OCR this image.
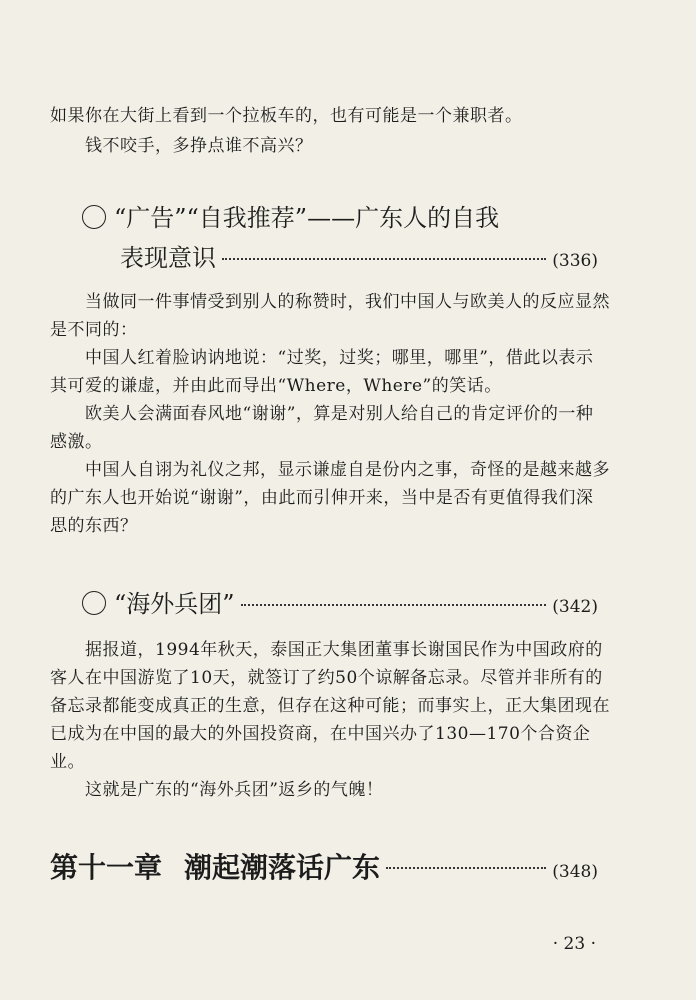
如果你在大街上看到一个拉板车的，也有可能是一个兼职者。

钱不咬手，多挣点谁不高兴？

“广告”“自我推荐”——广东人的自我
表现意识	(336)

当做同一件事情受到别人的称赞时，我们中国人与欧美人的反应显然是不同的：

中国人红着脸讷讷地说：“过奖，过奖；哪里，哪里”，借此以表示其可爱的谦虚，并由此而导出“Where，Where”的笑话。

欧美人会满面春风地“谢谢”，算是对别人给自己的肯定评价的一种感激。

中国人自诩为礼仪之邦，显示谦虚自是份内之事，奇怪的是越来越多的广东人也开始说“谢谢”，由此而引伸开来，当中是否有更值得我们深思的东西？

“海外兵团”	(342)

据报道，1994年秋天，泰国正大集团董事长谢国民作为中国政府的客人在中国游览了10天，就签订了约50个谅解备忘录。尽管并非所有的备忘录都能变成真正的生意，但存在这种可能；而事实上，正大集团现在已成为在中国的最大的外国投资商，在中国兴办了130—170个合资企业。

这就是广东的“海外兵团”返乡的气魄！

第十一章 潮起潮落话广东	(348)
· 23 ·
